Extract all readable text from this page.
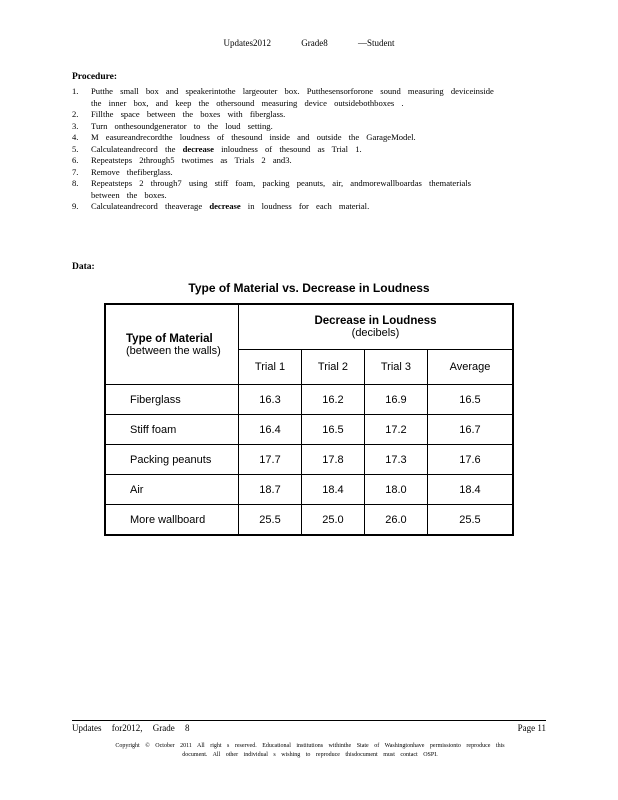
Updates2012	Grade8	—Student
Procedure:
1. Putthe small box and speakerintothe largeouter box. Putthesensorforone sound measuring deviceinside the inner box, and keep the othersound measuring device outsidebothboxes .
2. Fillthe space between the boxes with fiberglass.
3. Turn onthesoundgenerator to the loud setting.
4. M easureandrecordthe loudness of thesound inside and outside the GarageModel.
5. Calculateandrecord the decrease inloudness of thesound as Trial 1.
6. Repeatsteps 2through5 twotimes as Trials 2 and3.
7. Remove thefiberglass.
8. Repeatsteps 2 through7 using stiff foam, packing peanuts, air, andmorewallboardas thematerials between the boxes.
9. Calculateandrecord theaverage decrease in loudness for each material.
Data:
Type of Material vs. Decrease in Loudness
Type of Material
(between the walls)	Decrease in Loudness
(decibels)			

	Trial 1	Trial 2	Trial 3	Average
Fiberglass	16.3	16.2	16.9	16.5
Stiff foam	16.4	16.5	17.2	16.7
Packing peanuts	17.7	17.8	17.3	17.6
Air	18.7	18.4	18.0	18.4
More wallboard	25.5	25.0	26.0	25.5
Updates for2012, Grade 8	Page 11
Copyright © October 2011 All right s reserved. Educational institutions withinthe State of Washingtonhave permissionto reproduce this
document. All other individual s wishing to reproduce thisdocument must contact OSPI.
